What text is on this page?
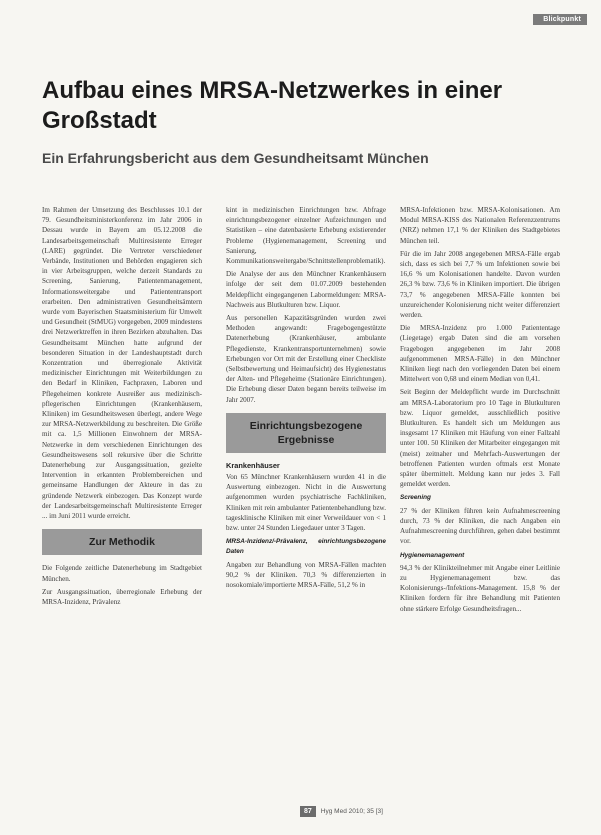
Blickpunkt
Aufbau eines MRSA-Netzwerkes in einer Großstadt
Ein Erfahrungsbericht aus dem Gesundheitsamt München

Im Rahmen der Umsetzung des Beschlusses 10.1 der 79. Gesundheitsministerkonferenz im Jahr 2006 in Dessau wurde in Bayern am 05.12.2008 die Landesarbeitsgemeinschaft Multiresistente Erreger (LARE) gegründet. Die Vertreter verschiedener Verbände, Institutionen und Behörden engagieren sich in vier Arbeitsgruppen, welche derzeit Standards zu Screening, Sanierung, Patientenmanagement, Informationsweitergabe und Patiententransport erarbeiten. Den administrativen Gesundheitsämtern wurde vom Bayerischen Staatsministerium für Umwelt und Gesundheit (StMUG) vorgegeben, 2009 mindestens drei Netzwerktreffen in ihren Bezirken abzuhalten. Das Gesundheitsamt München hatte aufgrund der besonderen Situation in der Landeshauptstadt durch Konzentration und überregionale Aktivität medizinischer Einrichtungen mit Weiterbildungen zu den Bedarf in Kliniken, Fachpraxen, Laboren und Pflegeheimen konkrete Ausreißer aus medizinisch-pflegerischen Einrichtungen (Krankenhäusern, Kliniken) im Gesundheitswesen überlegt, andere Wege zur MRSA-Netzwerkbildung zu beschreiten. Die Größe mit ca. 1,5 Millionen Einwohnern der MRSA-Netzwerke in dem verschiedenen Einrichtungen des Gesundheitswesens soll rekursive über die Schritte Datenerhebung zur Ausgangssituation, gezielte Intervention in erkannten Problembereichen und gemeinsame Handlungen der Akteure in das zu gründende Netzwerk einbezogen. Das Konzept wurde der Landesarbeitsgemeinschaft Multiresistente Erreger ... im Juni 2011 wurde erreicht.

Zur Methodik

Die Folgende zeitliche Datenerhebung im Stadtgebiet München.

Zur Ausgangssituation, überregionale Erhebung der MRSA-Inzidenz, Prävalenz

kint in medizinischen Einrichtungen bzw. Abfrage einrichtungsbezogener einzelner Aufzeichnungen und Statistiken – eine datenbasierte Erhebung existierender Probleme (Hygienemanagement, Screening und Sanierung, Kommunikationsweitergabe/Schnittstellenproblematik).

Die Analyse der aus den Münchner Krankenhäusern infolge der seit dem 01.07.2009 bestehenden Meldepflicht eingegangenen Labormeldungen: MRSA-Nachweis aus Blutkulturen bzw. Liquor.

Aus personellen Kapazitätsgründen wurden zwei Methoden angewandt: Fragebogengestützte Datenerhebung (Krankenhäuser, ambulante Pflegedienste, Krankentransportunternehmen) sowie Erhebungen vor Ort mit der Erstellung einer Checkliste (Selbstbewertung und Heimaufsicht) des Hygienestatus der Alten- und Pflegeheime (Stationäre Einrichtungen). Die Erhebung dieser Daten begann bereits teilweise im Jahr 2007.

Einrichtungsbezogene Ergebnisse
Krankenhäuser

Von 65 Münchner Krankenhäusern wurden 41 in die Auswertung einbezogen. Nicht in die Auswertung aufgenommen wurden psychiatrische Fachkliniken, Kliniken mit rein ambulanter Patientenbehandlung bzw. tagesklinische Kliniken mit einer Verweildauer von < 1 bzw. unter 24 Stunden Liegedauer unter 3 Tagen.

MRSA-Inzidenz/-Prävalenz, einrichtungsbezogene Daten

Angaben zur Behandlung von MRSA-Fällen machten 90,2 % der Kliniken. 70,3 % differenzierten in nosokomiale/importierte MRSA-Fälle, 51,2 % in

MRSA-Infektionen bzw. MRSA-Kolonisationen. Am Modul MRSA-KISS des Nationalen Referenzzentrums (NRZ) nehmen 17,1 % der Kliniken des Stadtgebietes München teil.

Für die im Jahr 2008 angegebenen MRSA-Fälle ergab sich, dass es sich bei 7,7 % um Infektionen sowie bei 16,6 % um Kolonisationen handelte. Davon wurden 26,3 % bzw. 73,6 % in Kliniken importiert. Die übrigen 73,7 % angegebenen MRSA-Fälle konnten bei unzureichender Kolonisierung nicht weiter differenziert werden.

Die MRSA-Inzidenz pro 1.000 Patiententage (Liegetage) ergab Daten sind die am vorsehen Fragebogen angegebenen im Jahr 2008 aufgenommenen MRSA-Fälle) in den Münchner Kliniken liegt nach den vorliegenden Daten bei einem Mittelwert von 0,68 und einem Median von 0,41.

Seit Beginn der Meldepflicht wurde im Durchschnitt am MRSA-Laboratorium pro 10 Tage in Blutkulturen bzw. Liquor gemeldet, ausschließlich positive Blutkulturen. Es handelt sich um Meldungen aus insgesamt 17 Kliniken mit Häufung von einer Fallzahl unter 100. 50 Kliniken der Mitarbeiter eingegangen mit (meist) zeitnaher und Mehrfach-Auswertungen der betroffenen Patienten wurden oftmals erst Monate später übermittelt. Meldung kann nur jedes 3. Fall gemeldet werden.

Screening

27 % der Kliniken führen kein Aufnahmescreening durch, 73 % der Kliniken, die nach Angaben ein Aufnahmescreening durchführen, gehen dabei bestimmt vor.

Hygienemanagement

94,3 % der Klinikteilnehmer mit Angabe einer Leitlinie zu Hygienemanagement bzw. das Kolonisierungs-/Infektions-Management. 15,8 % der Kliniken fordern für ihre Behandlung mit Patienten ohne stärkere Erfolge Gesundheitsfragen...

87	Hyg Med 2010; 35 [3]
